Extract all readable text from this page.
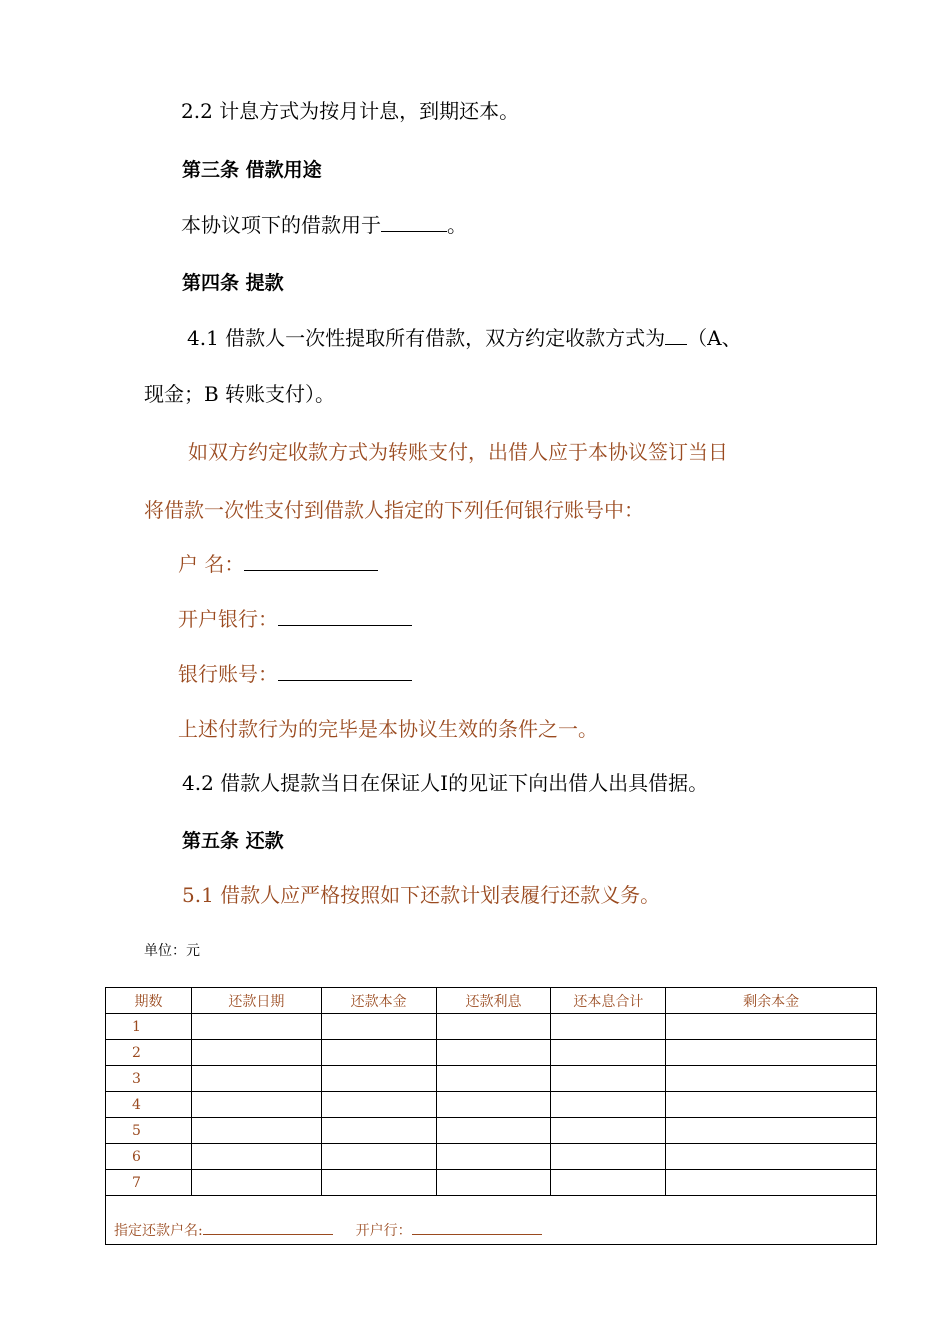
2.2 计息方式为按月计息，到期还本。
第三条 借款用途
本协议项下的借款用于	。
第四条 提款
4.1 借款人一次性提取所有借款，双方约定收款方式为 （A、
现金；B 转账支付）。
如双方约定收款方式为转账支付，出借人应于本协议签订当日
将借款一次性支付到借款人指定的下列任何银行账号中：
户 名：
开户银行：
银行账号：
上述付款行为的完毕是本协议生效的条件之一。
4.2 借款人提款当日在保证人Ⅰ的见证下向出借人出具借据。
第五条 还款
5.1 借款人应严格按照如下还款计划表履行还款义务。
单位：元
期数	还款日期	还款本金	还款利息	还本息合计	剩余本金
1					
2					
3					
4					
5					
6					
7					
指定还款户名: 开户行：					
